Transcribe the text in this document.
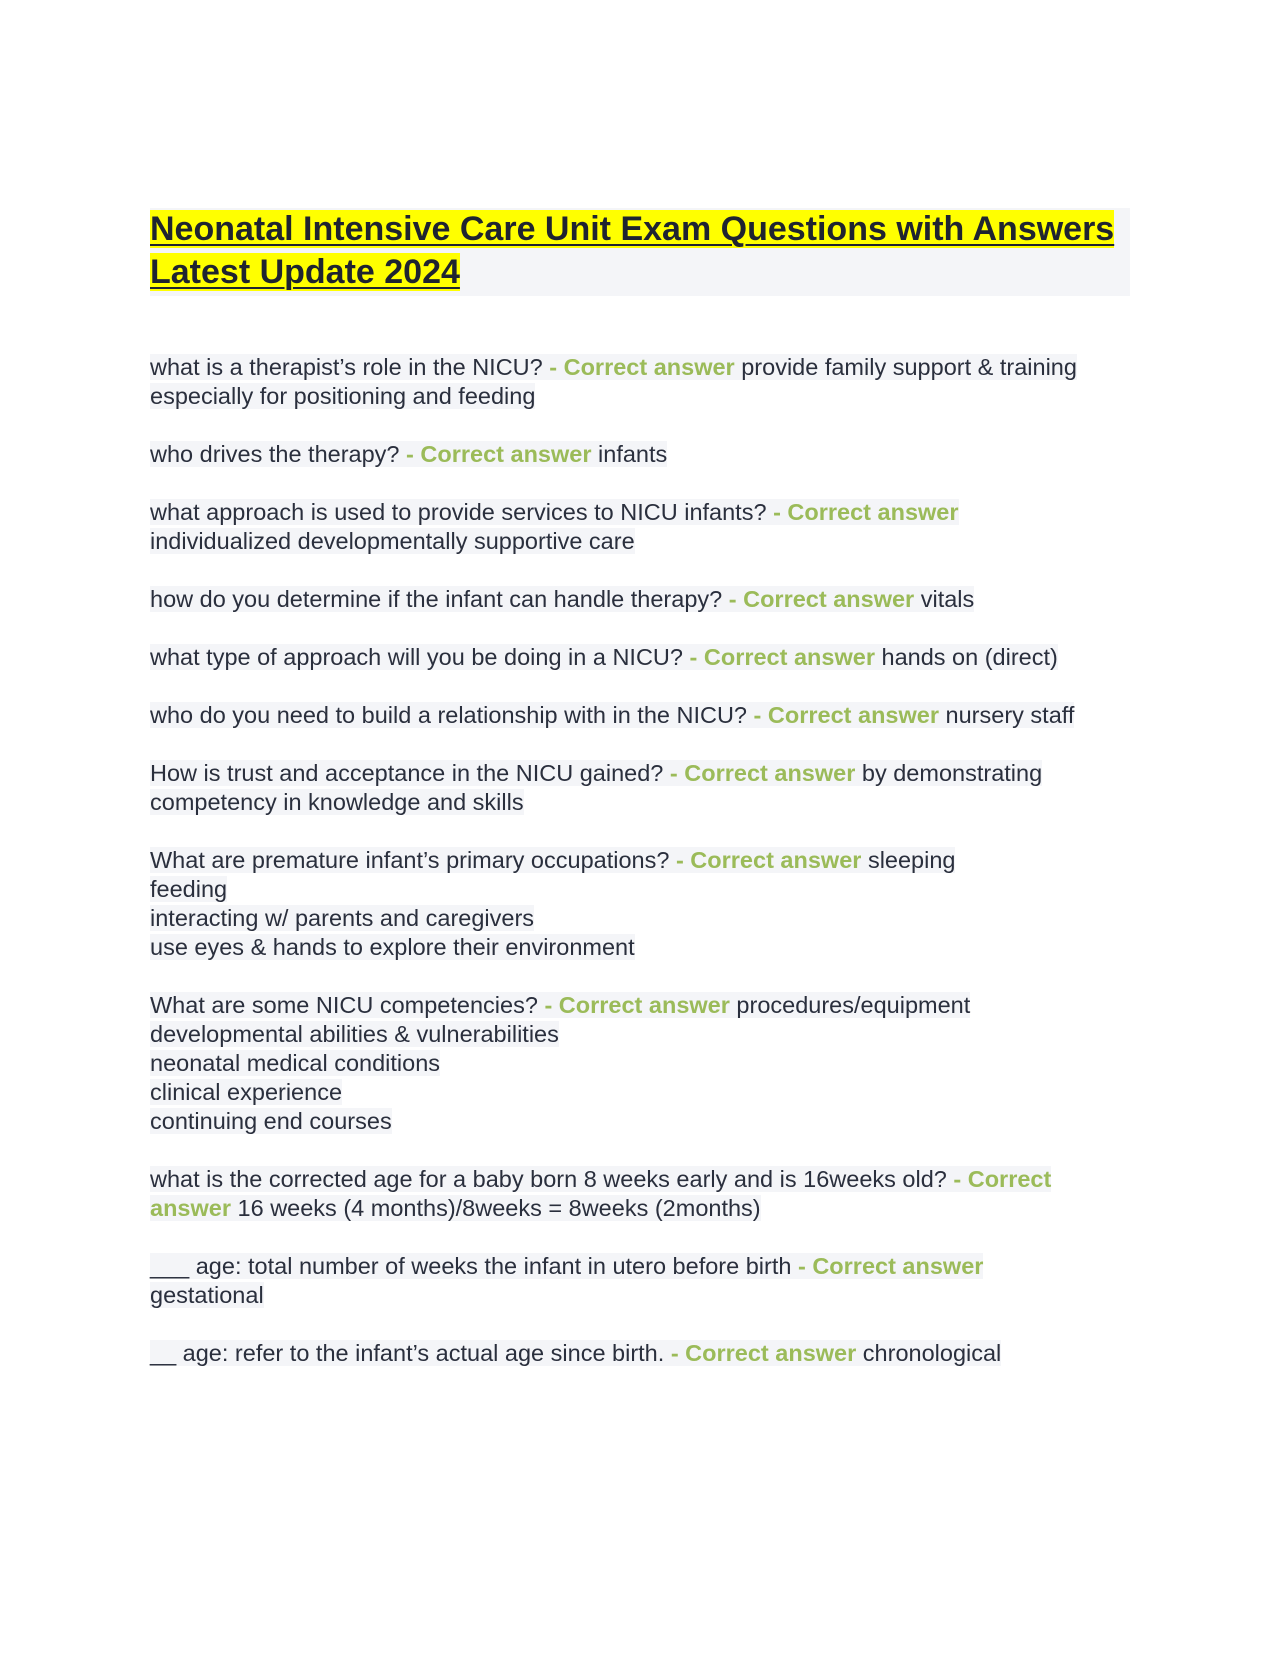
Neonatal Intensive Care Unit Exam Questions with Answers Latest Update 2024

what is a therapist’s role in the NICU? - Correct answer provide family support & training especially for positioning and feeding

who drives the therapy? - Correct answer infants

what approach is used to provide services to NICU infants? - Correct answer
individualized developmentally supportive care

how do you determine if the infant can handle therapy? - Correct answer vitals

what type of approach will you be doing in a NICU? - Correct answer hands on (direct)

who do you need to build a relationship with in the NICU? - Correct answer nursery staff

How is trust and acceptance in the NICU gained? - Correct answer by demonstrating competency in knowledge and skills

What are premature infant’s primary occupations? - Correct answer sleeping
feeding
interacting w/ parents and caregivers
use eyes & hands to explore their environment

What are some NICU competencies? - Correct answer procedures/equipment
developmental abilities & vulnerabilities
neonatal medical conditions
clinical experience
continuing end courses

what is the corrected age for a baby born 8 weeks early and is 16weeks old? - Correct answer 16 weeks (4 months)/8weeks = 8weeks (2months)

___ age: total number of weeks the infant in utero before birth - Correct answer
gestational

__ age: refer to the infant’s actual age since birth. - Correct answer chronological
